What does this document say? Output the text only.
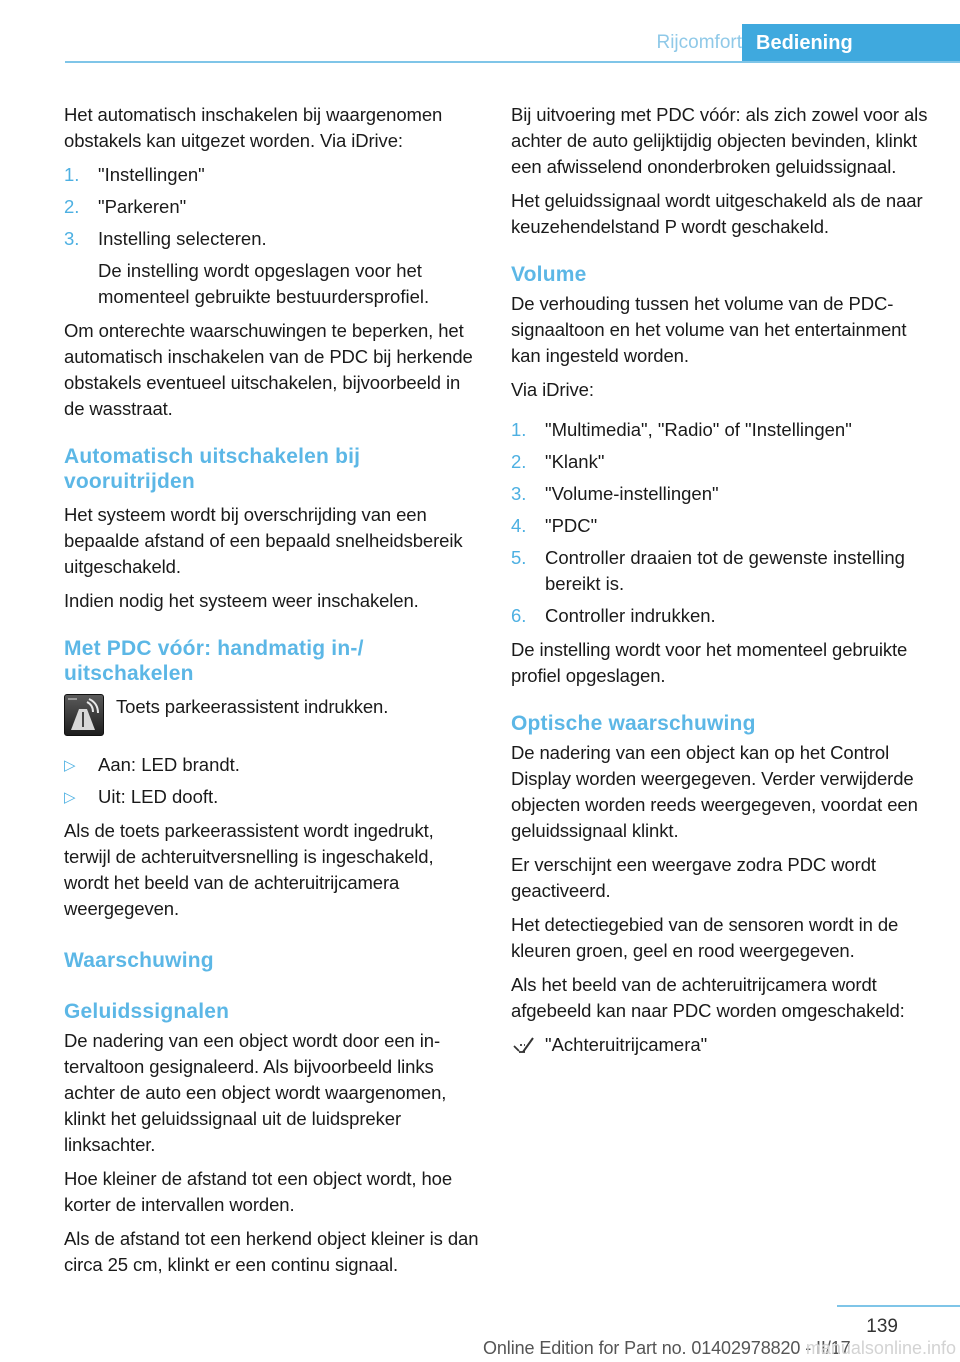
Rijcomfort Bediening

Het automatisch inschakelen bij waargenomen obstakels kan uitgezet worden. Via iDrive:

1. "Instellingen"
2. "Parkeren"
3. Instelling selecteren.
De instelling wordt opgeslagen voor het momenteel gebruikte bestuurdersprofiel.

Om onterechte waarschuwingen te beperken, het automatisch inschakelen van de PDC bij herkende obstakels eventueel uitschakelen, bijvoorbeeld in de wasstraat.

Automatisch uitschakelen bij vooruitrijden

Het systeem wordt bij overschrijding van een bepaalde afstand of een bepaald snelheidsbereik uitgeschakeld.

Indien nodig het systeem weer inschakelen.

Met PDC vóór: handmatig in-/ uitschakelen

Toets parkeerassistent indrukken.

▷ Aan: LED brandt.
▷ Uit: LED dooft.

Als de toets parkeerassistent wordt ingedrukt, terwijl de achteruitversnelling is ingeschakeld, wordt het beeld van de achteruitrijcamera weergegeven.

Waarschuwing
Geluidssignalen

De nadering van een object wordt door een intervaltoon gesignaleerd. Als bijvoorbeeld links achter de auto een object wordt waargenomen, klinkt het geluidssignaal uit de luidspreker linksachter.

Hoe kleiner de afstand tot een object wordt, hoe korter de intervallen worden.

Als de afstand tot een herkend object kleiner is dan circa 25 cm, klinkt er een continu signaal.

Bij uitvoering met PDC vóór: als zich zowel voor als achter de auto gelijktijdig objecten bevinden, klinkt een afwisselend ononderbroken geluidssignaal.

Het geluidssignaal wordt uitgeschakeld als de naar keuzehendelstand P wordt geschakeld.

Volume

De verhouding tussen het volume van de PDC-signaaltoon en het volume van het entertainment kan ingesteld worden.

Via iDrive:

1. "Multimedia", "Radio" of "Instellingen"
2. "Klank"
3. "Volume-instellingen"
4. "PDC"
5. Controller draaien tot de gewenste instelling bereikt is.
6. Controller indrukken.

De instelling wordt voor het momenteel gebruikte profiel opgeslagen.

Optische waarschuwing

De nadering van een object kan op het Control Display worden weergegeven. Verder verwijderde objecten worden reeds weergegeven, voordat een geluidssignaal klinkt.

Er verschijnt een weergave zodra PDC wordt geactiveerd.

Het detectiegebied van de sensoren wordt in de kleuren groen, geel en rood weergegeven.

Als het beeld van de achteruitrijcamera wordt afgebeeld kan naar PDC worden omgeschakeld:

"Achteruitrijcamera"
139
Online Edition for Part no. 01402978820 - II/17
manualsonline.info
